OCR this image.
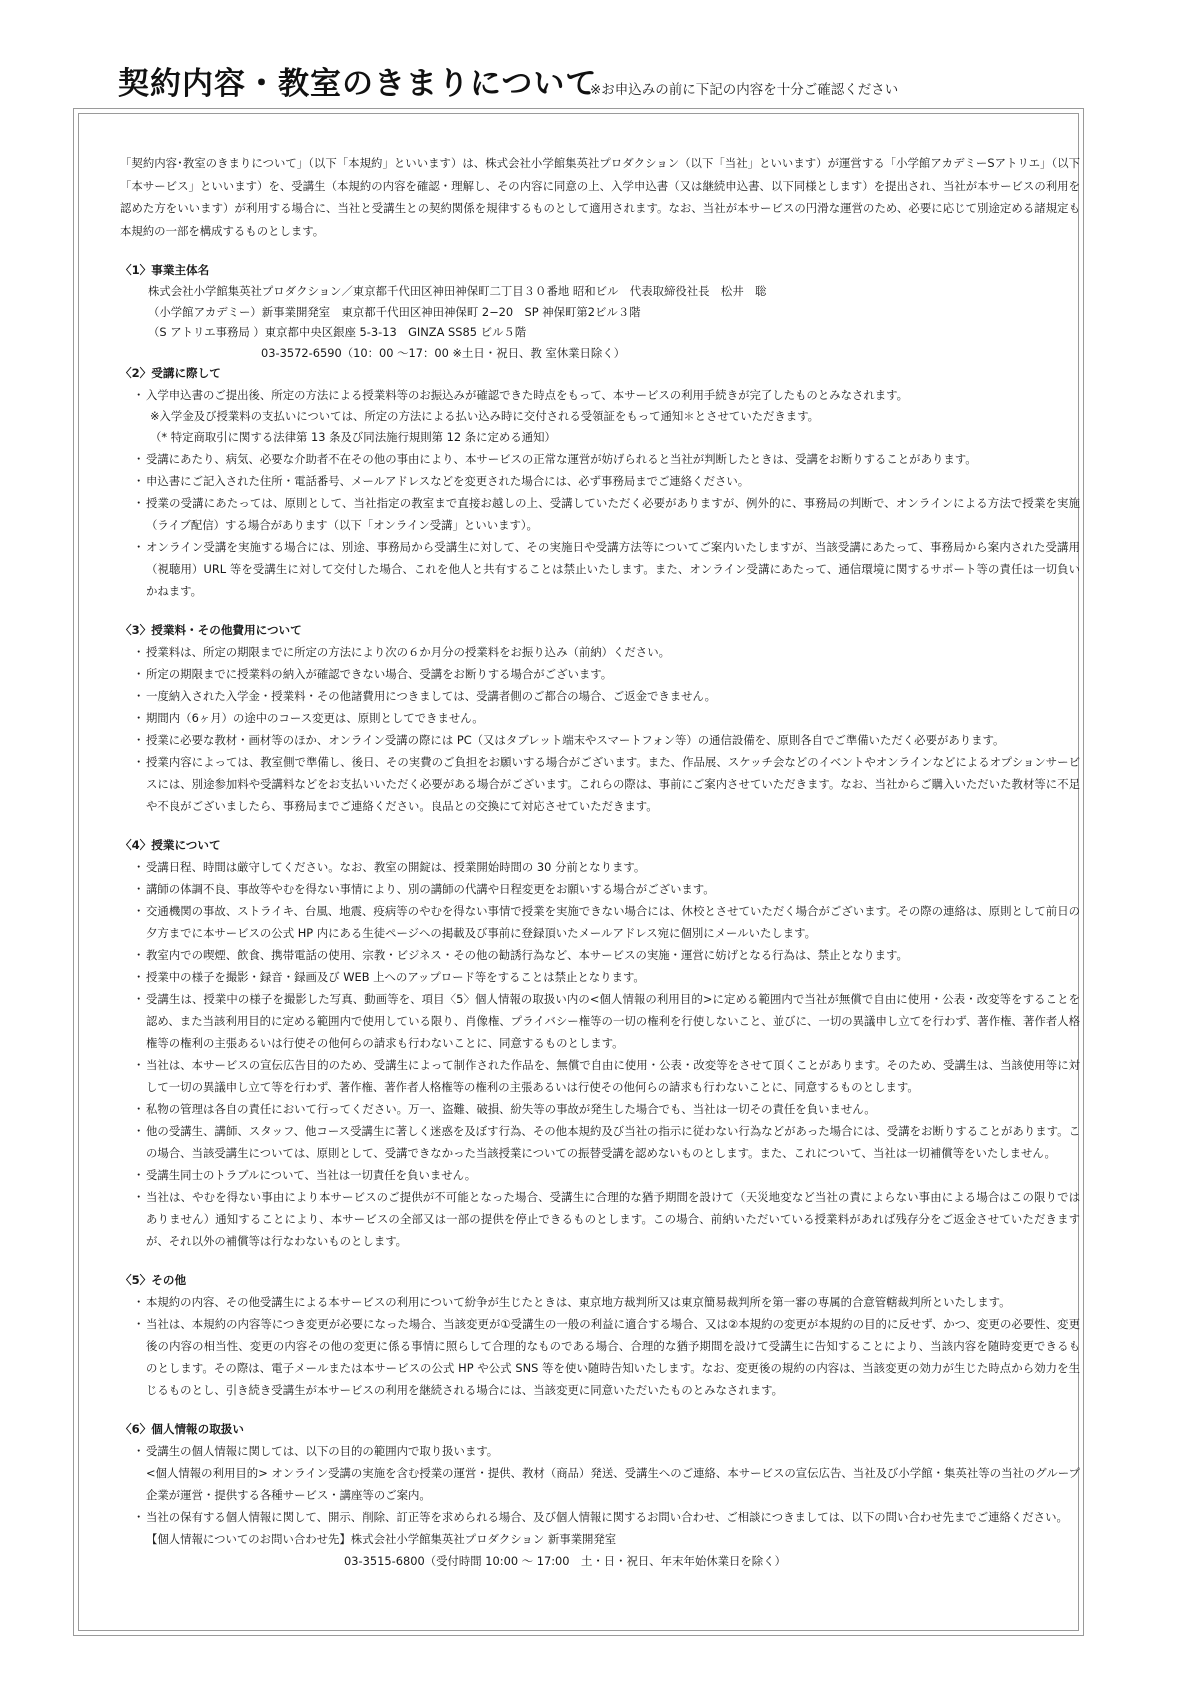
契約内容・教室のきまりについて
※お申込みの前に下記の内容を十分ご確認ください

「契約内容･教室のきまりについて」（以下「本規約」といいます）は、株式会社小学館集英社プロダクション（以下「当社」といいます）が運営する「小学館アカデミーSアトリエ」（以下「本サービス」といいます）を、受講生（本規約の内容を確認・理解し、その内容に同意の上、入学申込書（又は継続申込書、以下同様とします）を提出され、当社が本サービスの利用を認めた方をいいます）が利用する場合に、当社と受講生との契約関係を規律するものとして適用されます。なお、当社が本サービスの円滑な運営のため、必要に応じて別途定める諸規定も本規約の一部を構成するものとします。

〈1〉事業主体名
株式会社小学館集英社プロダクション／東京都千代田区神田神保町二丁目３０番地 昭和ビル　代表取締役社長　松井　聡
（小学館アカデミー）新事業開発室　東京都千代田区神田神保町 2−20　SP 神保町第2ビル３階
（S アトリエ事務局 ）東京都中央区銀座 5-3-13　GINZA SS85 ビル５階
03-3572-6590（10：00 ～17：00 ※土日・祝日、教 室休業日除く）
〈2〉受講に際して
・ 入学申込書のご提出後、所定の方法による授業料等のお振込みが確認できた時点をもって、本サービスの利用手続きが完了したものとみなされます。
※入学金及び授業料の支払いについては、所定の方法による払い込み時に交付される受領証をもって通知＊とさせていただきます。
（* 特定商取引に関する法律第 13 条及び同法施行規則第 12 条に定める通知）
・ 受講にあたり、病気、必要な介助者不在その他の事由により、本サービスの正常な運営が妨げられると当社が判断したときは、受講をお断りすることがあります。
・ 申込書にご記入された住所・電話番号、メールアドレスなどを変更された場合には、必ず事務局までご連絡ください。
・ 授業の受講にあたっては、原則として、当社指定の教室まで直接お越しの上、受講していただく必要がありますが、例外的に、事務局の判断で、オンラインによる方法で授業を実施（ライブ配信）する場合があります（以下「オンライン受講」といいます）。
・ オンライン受講を実施する場合には、別途、事務局から受講生に対して、その実施日や受講方法等についてご案内いたしますが、当該受講にあたって、事務局から案内された受講用（視聴用）URL 等を受講生に対して交付した場合、これを他人と共有することは禁止いたします。また、オンライン受講にあたって、通信環境に関するサポート等の責任は一切負いかねます。
〈3〉授業料・その他費用について
・ 授業料は、所定の期限までに所定の方法により次の６か月分の授業料をお振り込み（前納）ください。
・ 所定の期限までに授業料の納入が確認できない場合、受講をお断りする場合がございます。
・ 一度納入された入学金・授業料・その他諸費用につきましては、受講者側のご都合の場合、ご返金できません。
・ 期間内（6ヶ月）の途中のコース変更は、原則としてできません。
・ 授業に必要な教材・画材等のほか、オンライン受講の際には PC（又はタブレット端末やスマートフォン等）の通信設備を、原則各自でご準備いただく必要があります。
・ 授業内容によっては、教室側で準備し、後日、その実費のご負担をお願いする場合がございます。また、作品展、スケッチ会などのイベントやオンラインなどによるオプションサービスには、別途参加料や受講料などをお支払いいただく必要がある場合がございます。これらの際は、事前にご案内させていただきます。なお、当社からご購入いただいた教材等に不足や不良がございましたら、事務局までご連絡ください。良品との交換にて対応させていただきます。
〈4〉授業について
・ 受講日程、時間は厳守してください。なお、教室の開錠は、授業開始時間の 30 分前となります。
・ 講師の体調不良、事故等やむを得ない事情により、別の講師の代講や日程変更をお願いする場合がございます。
・ 交通機関の事故、ストライキ、台風、地震、疫病等のやむを得ない事情で授業を実施できない場合には、休校とさせていただく場合がございます。その際の連絡は、原則として前日の夕方までに本サービスの公式 HP 内にある生徒ページへの掲載及び事前に登録頂いたメールアドレス宛に個別にメールいたします。
・ 教室内での喫煙、飲食、携帯電話の使用、宗教・ビジネス・その他の勧誘行為など、本サービスの実施・運営に妨げとなる行為は、禁止となります。
・ 授業中の様子を撮影・録音・録画及び WEB 上へのアップロード等をすることは禁止となります。
・ 受講生は、授業中の様子を撮影した写真、動画等を、項目〈5〉個人情報の取扱い内の<個人情報の利用目的>に定める範囲内で当社が無償で自由に使用・公表・改変等をすることを認め、また当該利用目的に定める範囲内で使用している限り、肖像権、プライバシー権等の一切の権利を行使しないこと、並びに、一切の異議申し立てを行わず、著作権、著作者人格権等の権利の主張あるいは行使その他何らの請求も行わないことに、同意するものとします。
・ 当社は、本サービスの宣伝広告目的のため、受講生によって制作された作品を、無償で自由に使用・公表・改変等をさせて頂くことがあります。そのため、受講生は、当該使用等に対して一切の異議申し立て等を行わず、著作権、著作者人格権等の権利の主張あるいは行使その他何らの請求も行わないことに、同意するものとします。
・ 私物の管理は各自の責任において行ってください。万一、盗難、破損、紛失等の事故が発生した場合でも、当社は一切その責任を負いません。
・ 他の受講生、講師、スタッフ、他コース受講生に著しく迷惑を及ぼす行為、その他本規約及び当社の指示に従わない行為などがあった場合には、受講をお断りすることがあります。この場合、当該受講生については、原則として、受講できなかった当該授業についての振替受講を認めないものとします。また、これについて、当社は一切補償等をいたしません。
・ 受講生同士のトラブルについて、当社は一切責任を負いません。
・ 当社は、やむを得ない事由により本サービスのご提供が不可能となった場合、受講生に合理的な猶予期間を設けて（天災地変など当社の責によらない事由による場合はこの限りではありません）通知することにより、本サービスの全部又は一部の提供を停止できるものとします。この場合、前納いただいている授業料があれば残存分をご返金させていただきますが、それ以外の補償等は行なわないものとします。
〈5〉その他
・ 本規約の内容、その他受講生による本サービスの利用について紛争が生じたときは、東京地方裁判所又は東京簡易裁判所を第一審の専属的合意管轄裁判所といたします。
・ 当社は、本規約の内容等につき変更が必要になった場合、当該変更が①受講生の一般の利益に適合する場合、又は②本規約の変更が本規約の目的に反せず、かつ、変更の必要性、変更後の内容の相当性、変更の内容その他の変更に係る事情に照らして合理的なものである場合、合理的な猶予期間を設けて受講生に告知することにより、当該内容を随時変更できるものとします。その際は、電子メールまたは本サービスの公式 HP や公式 SNS 等を使い随時告知いたします。なお、変更後の規約の内容は、当該変更の効力が生じた時点から効力を生じるものとし、引き続き受講生が本サービスの利用を継続される場合には、当該変更に同意いただいたものとみなされます。
〈6〉個人情報の取扱い
・ 受講生の個人情報に関しては、以下の目的の範囲内で取り扱います。
<個人情報の利用目的> オンライン受講の実施を含む授業の運営・提供、教材（商品）発送、受講生へのご連絡、本サービスの宣伝広告、当社及び小学館・集英社等の当社のグループ企業が運営・提供する各種サービス・講座等のご案内。
・ 当社の保有する個人情報に関して、開示、削除、訂正等を求められる場合、及び個人情報に関するお問い合わせ、ご相談につきましては、以下の問い合わせ先までご連絡ください。
【個人情報についてのお問い合わせ先】株式会社小学館集英社プロダクション 新事業開発室
03-3515-6800（受付時間 10:00 ～ 17:00　土・日・祝日、年末年始休業日を除く）
